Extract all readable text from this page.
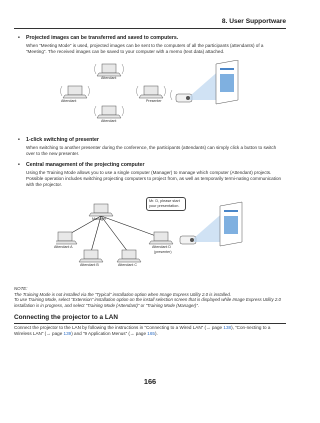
8. User Supportware
• Projected images can be transferred and saved to computers.
When “Meeting Mode” is used, projected images can be sent to the computers of all the participants (attendants) of a “Meeting”. The received images can be saved to your computer with a memo (text data) attached.
Attendant
Attendant	Presenter
Attendant
• 1-click switching of presenter
When switching to another presenter during the conference, the participants (attendants) can simply click a button to switch over to the new presenter.
• Central management of the projecting computer
Using the Training Mode allows you to use a single computer (Manager) to manage which computer (Attendant) projects. Possible operation includes switching projecting computers to project from, as well as temporarily termi-nating communication with the projector.
Manager
Attendant A
Attendant B	Attendant C
Attendant D
(presenter)
Mr. D, please start your presentation.
NOTE:
The Training Mode is not installed via the “Typical” installation option when Image Express Utility 2.0 is installed.
To use Training Mode, select “Extension” installation option on the install selection screen that is displayed while Image Express Utility 2.0 installation is in progress, and select “Training Mode (Attendant)” or “Training Mode (Manager)”.
Connecting the projector to a LAN
Connect the projector to the LAN by following the instructions in “Connecting to a Wired LAN” (→ page 138), “Con-necting to a Wireless LAN” (→ page 139) and “9 Application Menus” (→ page 165).
166
